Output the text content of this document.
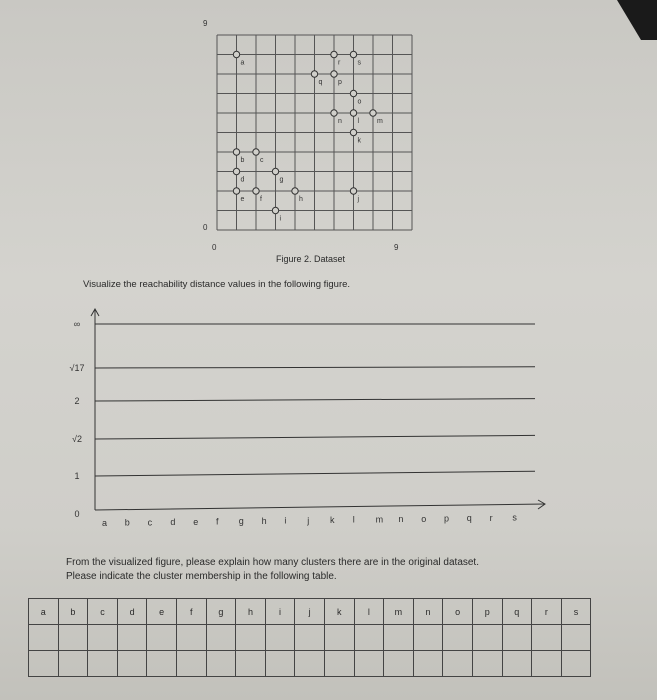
9
0
0	9
a
b c
d
e f
g
h
i
j
k
l	m
n
o
p
q
r s
Figure 2. Dataset
Visualize the reachability distance values in the following figure.
∞
√17
2
√2
1
0
a b c d e f g h i j k l m n o p q r s
From the visualized figure, please explain how many clusters there are in the original dataset.
Please indicate the cluster membership in the following table.
a	b	c	d	e	f	g	h	i	j	k	l	m	n	o	p	q	r	s
